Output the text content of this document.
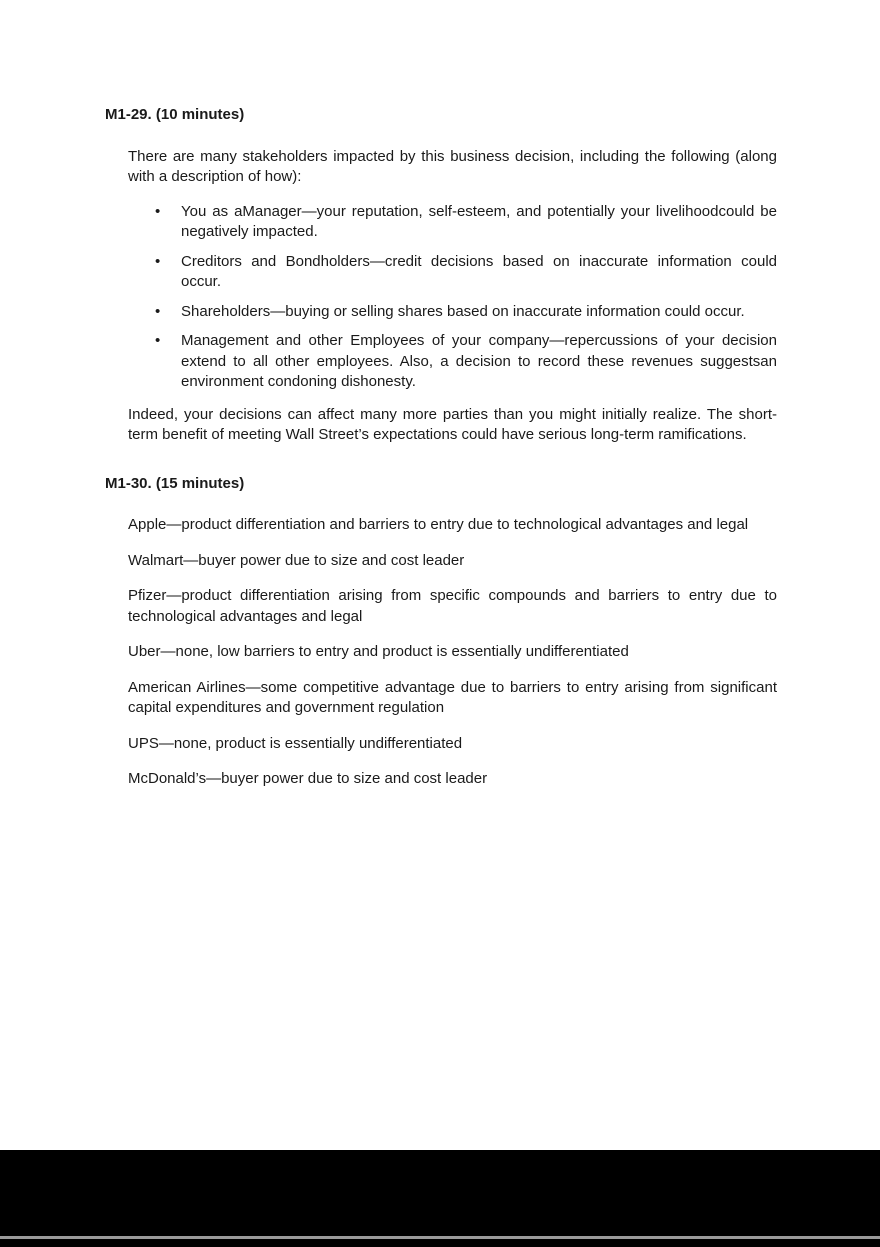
M1-29. (10 minutes)

There are many stakeholders impacted by this business decision, including the following (along with a description of how):

•	You as aManager—your reputation, self-esteem, and potentially your livelihoodcould be negatively impacted.
•	Creditors and Bondholders—credit decisions based on inaccurate information could occur.
•	Shareholders—buying or selling shares based on inaccurate information could occur.
•	Management and other Employees of your company—repercussions of your decision extend to all other employees. Also, a decision to record these revenues suggestsan environment condoning dishonesty.

Indeed, your decisions can affect many more parties than you might initially realize. The short-term benefit of meeting Wall Street’s expectations could have serious long-term ramifications.

M1-30. (15 minutes)

Apple—product differentiation and barriers to entry due to technological advantages and legal

Walmart—buyer power due to size and cost leader

Pfizer—product differentiation arising from specific compounds and barriers to entry due to technological advantages and legal

Uber—none, low barriers to entry and product is essentially undifferentiated

American Airlines—some competitive advantage due to barriers to entry arising from significant capital expenditures and government regulation

UPS—none, product is essentially undifferentiated

McDonald’s—buyer power due to size and cost leader
